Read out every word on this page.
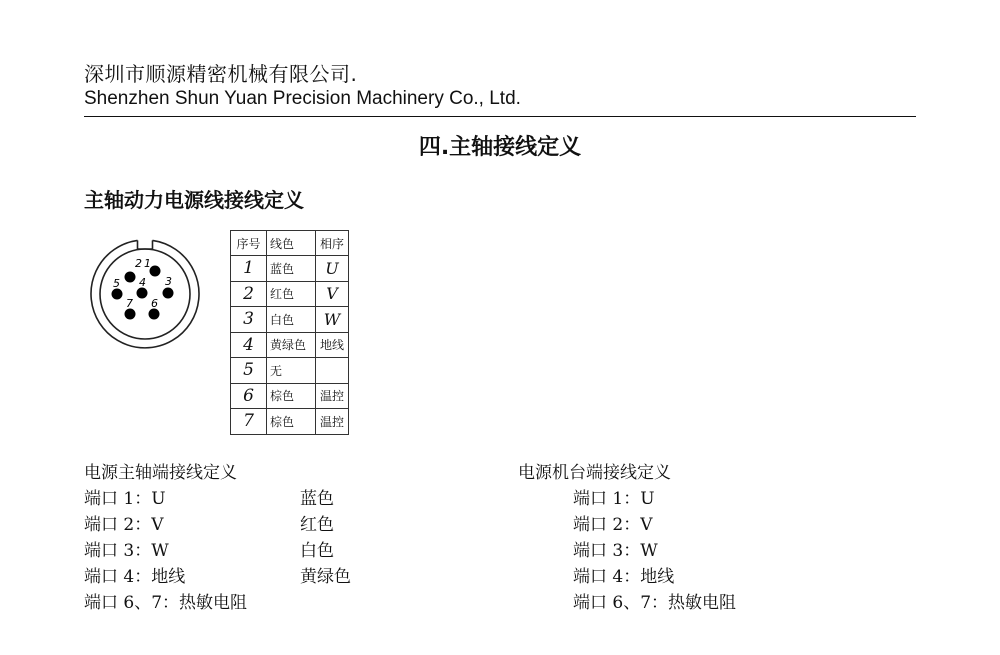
深圳市顺源精密机械有限公司.
Shenzhen Shun Yuan Precision Machinery Co., Ltd.
四.主轴接线定义
主轴动力电源线接线定义
1
2
3
4
5
6
7
序号	线色	相序
1	蓝色	U
2	红色	V
3	白色	W
4	黄绿色	地线
5	无	
6	棕色	温控
7	棕色	温控
电源主轴端接线定义
端口 1：U
端口 2：V
端口 3：W
端口 4：地线
端口 6、7：热敏电阻
蓝色
红色
白色
黄绿色
电源机台端接线定义
端口 1：U
端口 2：V
端口 3：W
端口 4：地线
端口 6、7：热敏电阻
